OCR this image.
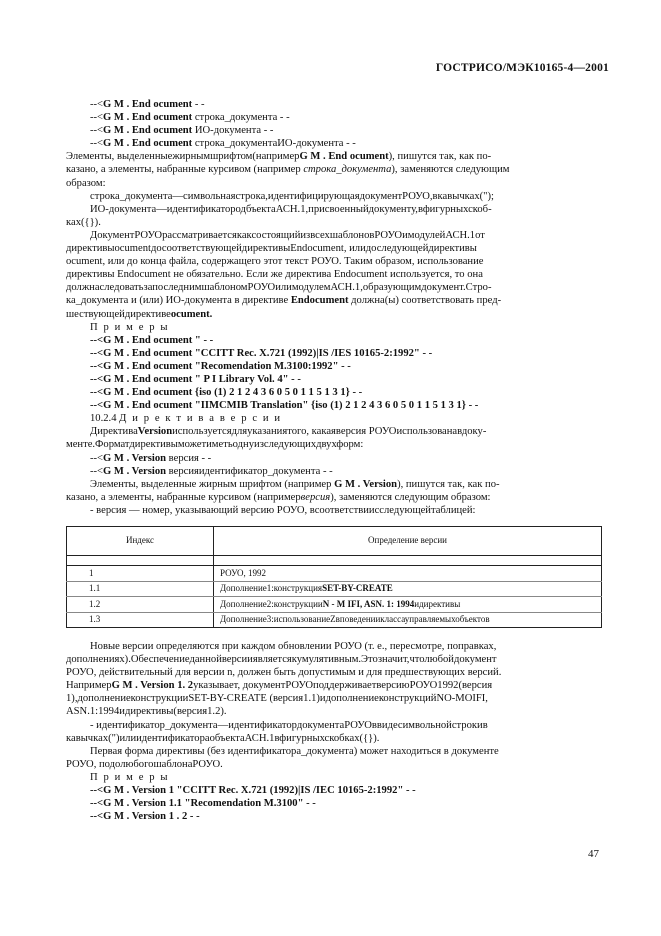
ГОСТРИСО/МЭК10165-4—2001
--<G M . End ocument - -
--<G M . End ocument строка_документа - -
--<G M . End ocument ИО-документа - -
--<G M . End ocument строка_документаИО-документа - -
Элементы, выделенныежирнымшрифтом(напримерG M . End ocument), пишутся так, как по-
казано, а элементы, набранные курсивом (например строка_документа), заменяются следующим
образом:
строка_документа—символьнаястрока,идентифицирующаядокументРОУО,вкавычках(");
ИО-документа—идентификатородбъектаАСН.1,присвоенныйдокументу,вфигурныхскоб-
ках({}).
ДокументРОУОрассматриваетсякаксостоящийизвсехшаблоновРОУОимодулейАСН.1от
директивыocumentдосоответствующейдирективыEndocument, илидоследующейдирективы
ocument, или до конца файла, содержащего этот текст РОУО. Таким образом, использование
директивы Endocument не обязательно. Если же директива Endocument используется, то она
должнаследоватьзапоследнимшаблономРОУОилимодулемАСН.1,образующимдокумент.Стро-
ка_документа и (или) ИО-документа в директиве Endocument должна(ы) соответствовать пред-
шествующейдирективеocument.
П р и м е р ы
--<G M . End ocument " - -
--<G M . End ocument "CCITT Rec. X.721 (1992)|IS /IES 10165-2:1992" - -
--<G M . End ocument "Recomendation M.3100:1992" - -
--<G M . End ocument " P I Library Vol. 4" - -
--<G M . End ocument {iso (1) 2 1 2 4 3 6 0 5 0 1 1 5 1 3 1} - -
--<G M . End ocument "IIMCMIB Translation" {iso (1) 2 1 2 4 3 6 0 5 0 1 1 5 1 3 1} - -
10.2.4 Д и р е к т и в а в е р с и и
ДирективаVersionиспользуетсядляуказаниятого, какаяверсия РОУОиспользованавдоку-
менте.Форматдирективыможетиметьоднуизследующихдвухформ:
--<G M . Version версия - -
--<G M . Version версияидентификатор_документа - -
Элементы, выделенные жирным шрифтом (например G M . Version), пишутся так, как по-
казано, а элементы, набранные курсивом (напримерверсия), заменяются следующим образом:
- версия — номер, указывающий версию РОУО, всоответствиисследующейтаблицей:
Индекс	Определение версии

1	РОУО, 1992
1.1	Дополнение1:конструкцияSET-BY-CREATE
1.2	Дополнение2:конструкцииN - M IFI, ASN. 1: 1994идирективы
1.3	Дополнение3:использованиеZвповеденииклассауправляемыхобъектов
Новые версии определяются при каждом обновлении РОУО (т. е., пересмотре, поправках,
дополнениях).Обеспечениеданнойверсииявляетсякумулятивным.Этозначит,чтолюбойдокумент
РОУО, действительный для версии n, должен быть допустимым и для предшествующих версий.
НапримерG M . Version 1. 2указывает, документРОУОподдерживаетверсиюРОУО1992(версия
1),дополнениеконструкцииSET-BY-CREATE (версия1.1)идополнениеконструкцийNO-MOIFI,
ASN.1:1994идирективы(версия1.2).
- идентификатор_документа—идентификатордокументаРОУОввидесимвольнойстрокив
кавычках(")илиидентификатораобъектаАСН.1вфигурныхскобках({}).
Первая форма директивы (без идентификатора_документа) может находиться в документе
РОУО, подолюбогошаблонаРОУО.
П р и м е р ы
--<G M . Version 1 "CCITT Rec. X.721 (1992)|IS /IEC 10165-2:1992" - -
--<G M . Version 1.1 "Recomendation M.3100" - -
--<G M . Version 1 . 2 - -
47
